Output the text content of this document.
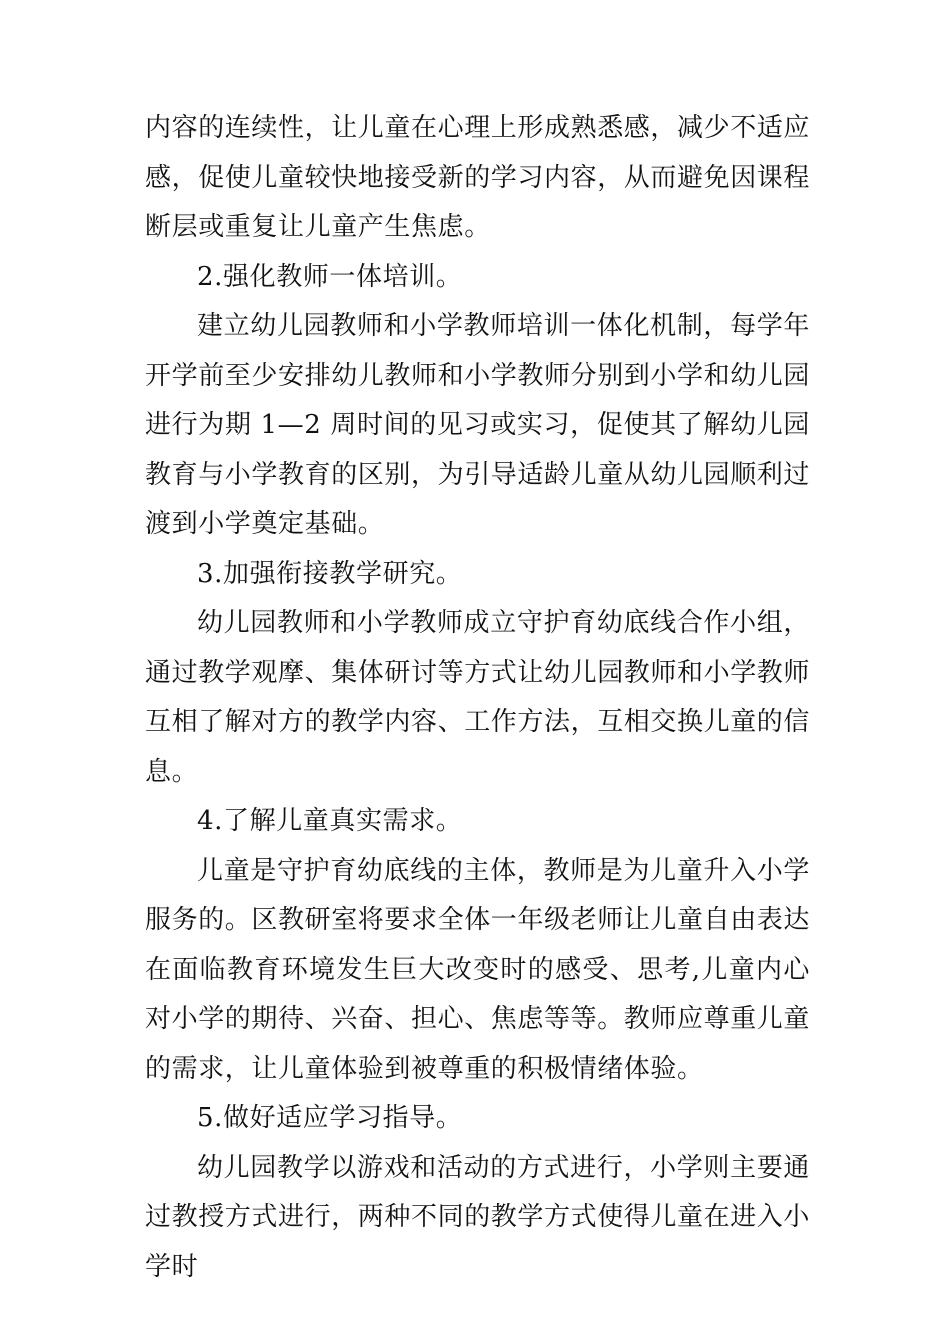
内容的连续性，让儿童在心理上形成熟悉感，减少不适应感，促使儿童较快地接受新的学习内容，从而避免因课程断层或重复让儿童产生焦虑。

2.强化教师一体培训。

建立幼儿园教师和小学教师培训一体化机制，每学年开学前至少安排幼儿教师和小学教师分别到小学和幼儿园进行为期 1—2 周时间的见习或实习，促使其了解幼儿园教育与小学教育的区别，为引导适龄儿童从幼儿园顺利过渡到小学奠定基础。

3.加强衔接教学研究。

幼儿园教师和小学教师成立守护育幼底线合作小组，通过教学观摩、集体研讨等方式让幼儿园教师和小学教师互相了解对方的教学内容、工作方法，互相交换儿童的信息。

4.了解儿童真实需求。

儿童是守护育幼底线的主体，教师是为儿童升入小学服务的。区教研室将要求全体一年级老师让儿童自由表达在面临教育环境发生巨大改变时的感受、思考,儿童内心对小学的期待、兴奋、担心、焦虑等等。教师应尊重儿童的需求，让儿童体验到被尊重的积极情绪体验。

5.做好适应学习指导。

幼儿园教学以游戏和活动的方式进行，小学则主要通过教授方式进行，两种不同的教学方式使得儿童在进入小学时
